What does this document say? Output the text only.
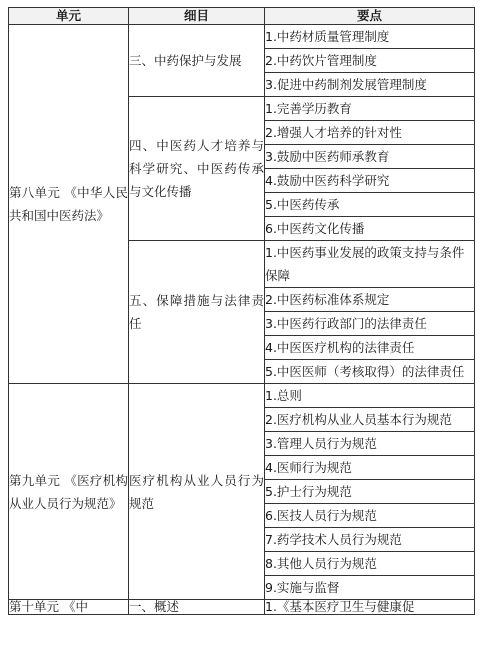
单元	细目	要点
第八单元 《中华人民共和国中医药法》	三、中药保护与发展	1.中药材质量管理制度
		2.中药饮片管理制度
		3.促进中药制剂发展管理制度
	四、中医药人才培养与科学研究、中医药传承与文化传播	1.完善学历教育
		2.增强人才培养的针对性
		3.鼓励中医药师承教育
		4.鼓励中医药科学研究
		5.中医药传承
		6.中医药文化传播
	五、保障措施与法律责任	1.中医药事业发展的政策支持与条件保障
		2.中医药标准体系规定
		3.中医药行政部门的法律责任
		4.中医医疗机构的法律责任
		5.中医医师（考核取得）的法律责任
第九单元 《医疗机构从业人员行为规范》	医疗机构从业人员行为规范	1.总则
		2.医疗机构从业人员基本行为规范
		3.管理人员行为规范
		4.医师行为规范
		5.护士行为规范
		6.医技人员行为规范
		7.药学技术人员行为规范
		8.其他人员行为规范
		9.实施与监督
第十单元 《中	一、概述	1.《基本医疗卫生与健康促
